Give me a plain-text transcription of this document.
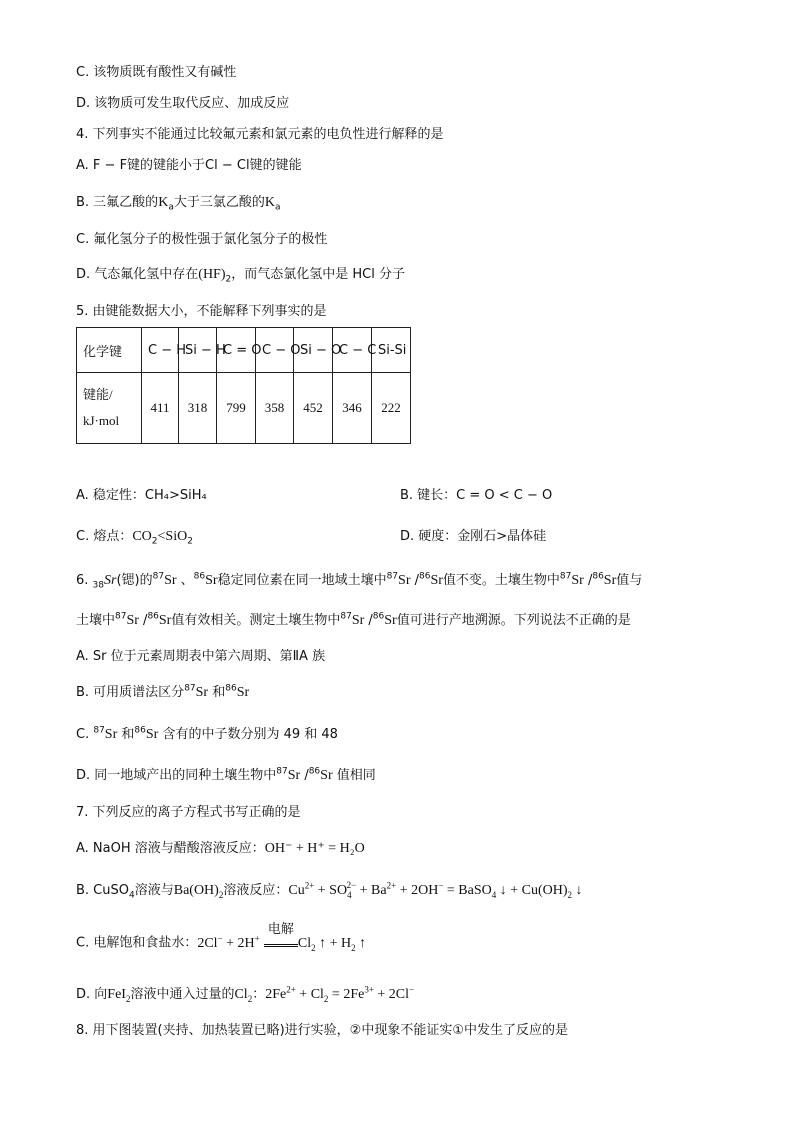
C. 该物质既有酸性又有碱性
D. 该物质可发生取代反应、加成反应
4. 下列事实不能通过比较氟元素和氯元素的电负性进行解释的是
A. F − F键的键能小于Cl − Cl键的键能
B. 三氟乙酸的$K_a$大于三氯乙酸的$K_a$
C. 氟化氢分子的极性强于氯化氢分子的极性
D. 气态氟化氢中存在$(HF)_2$，而气态氯化氢中是 HCl 分子
5. 由键能数据大小，不能解释下列事实的是
化学键	C − H	Si − H	C = O	C − O	Si − O	C − C	Si-Si

键能/
kJ·mol	411	318	799	358	452	346	222
A. 稳定性：CH₄>SiH₄	B. 键长：C = O < C − O
C. 熔点：$CO_2<SiO_2$	D. 硬度：金刚石>晶体硅
6. $_{38}$Sr(锶)的$^{87}$Sr 、$^{86}$Sr稳定同位素在同一地域土壤中$^{87}$Sr /$^{86}$Sr值不变。土壤生物中$^{87}$Sr /$^{86}$Sr值与
土壤中$^{87}$Sr /$^{86}$Sr值有效相关。测定土壤生物中$^{87}$Sr /$^{86}$Sr值可进行产地溯源。下列说法不正确的是
A. Sr 位于元素周期表中第六周期、第ⅡA 族
B. 可用质谱法区分$^{87}$Sr 和$^{86}$Sr
C. $^{87}$Sr 和$^{86}$Sr 含有的中子数分别为 49 和 48
D. 同一地域产出的同种土壤生物中$^{87}$Sr /$^{86}$Sr 值相同
7. 下列反应的离子方程式书写正确的是
A. NaOH 溶液与醋酸溶液反应：OH⁻ + H⁺ = H₂O
B. CuSO$_4$溶液与$Ba(OH)_2$溶液反应：$Cu^{2+} + SO_4^{2-} + Ba^{2+} + 2OH^-$ = BaSO$_4$ ↓ + $Cu(OH)_2$ ↓
C. 电解饱和食盐水：2Cl− + 2H+
电解
$Cl_2$ ↑ + $H_2$ ↑
D. 向FeI$_2$溶液中通入过量的$Cl_2$：$2Fe^{2+} + Cl_2 = 2Fe^{3+} + 2Cl^-$
8. 用下图装置(夹持、加热装置已略)进行实验，②中现象不能证实①中发生了反应的是
